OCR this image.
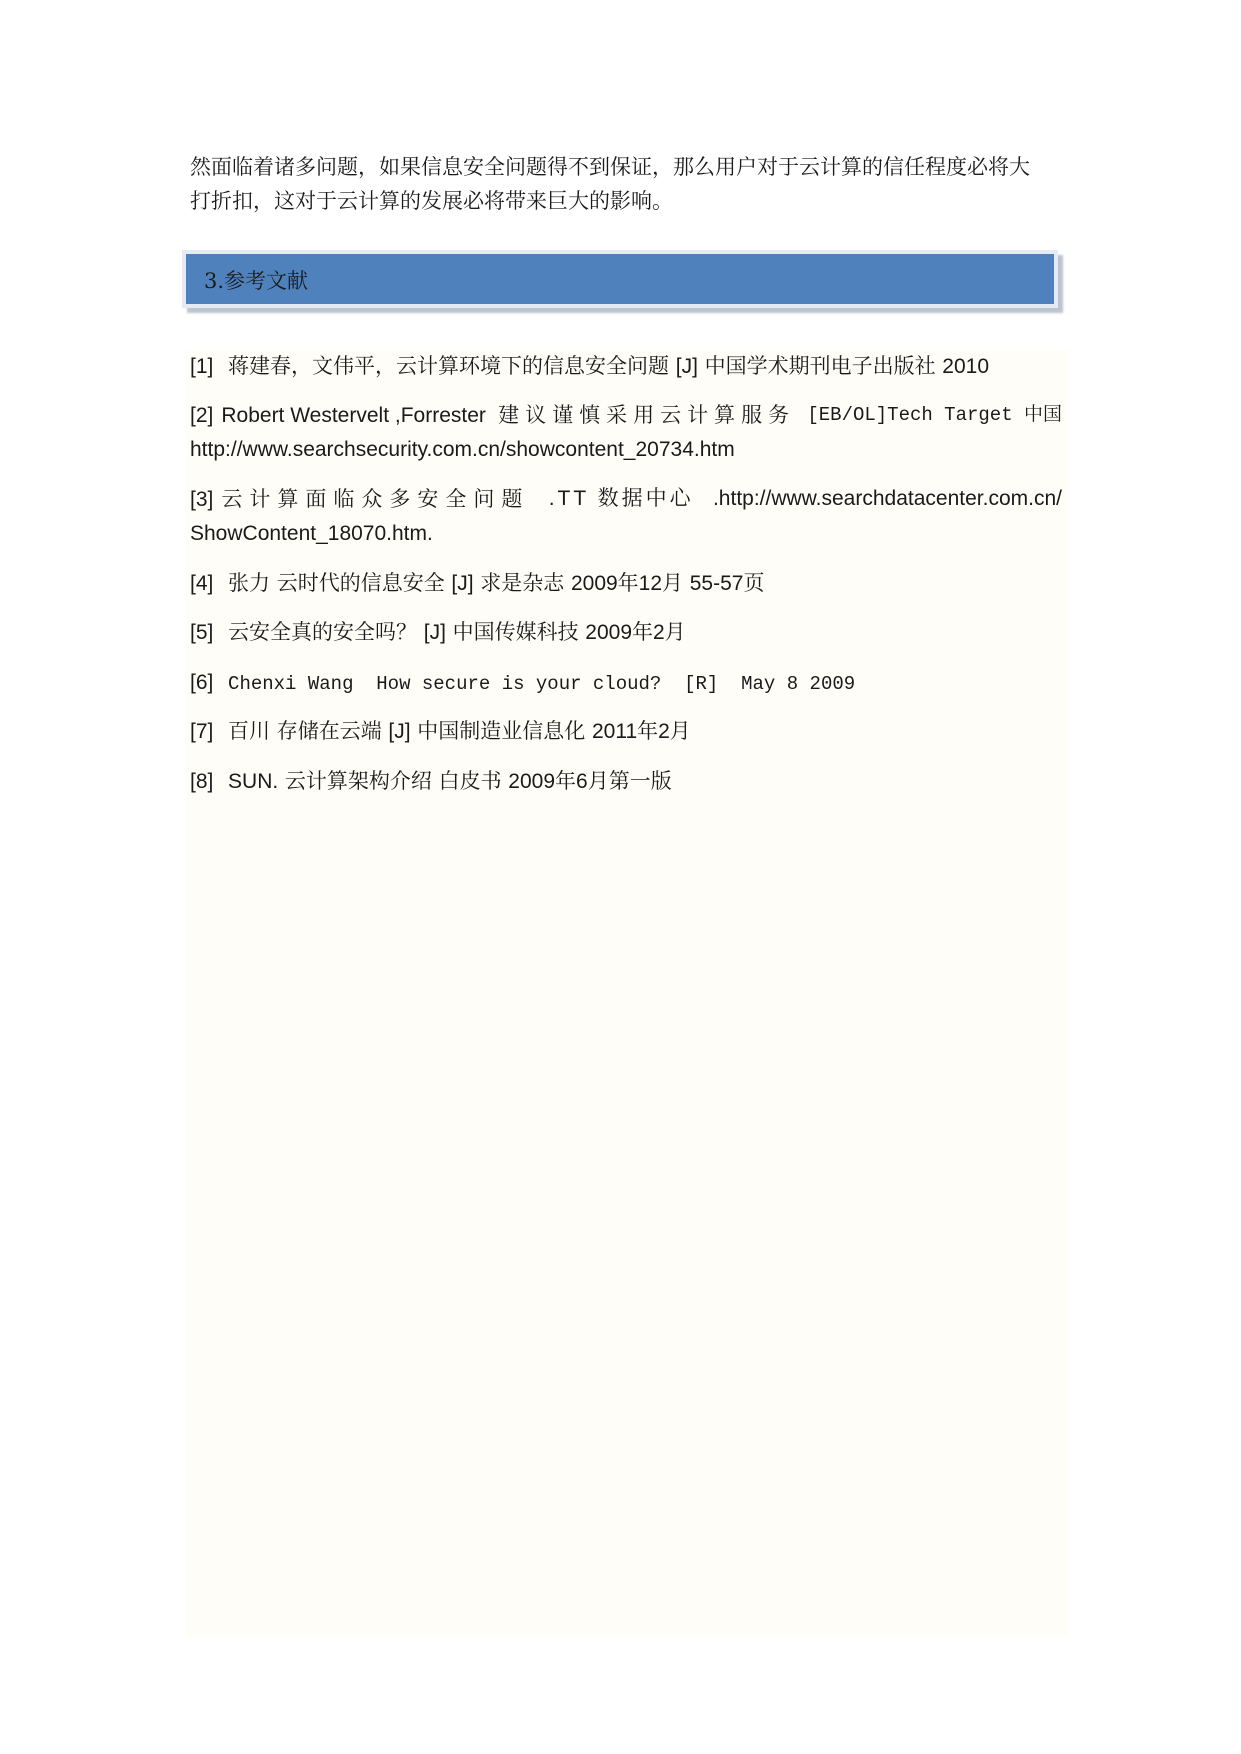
然面临着诸多问题，如果信息安全问题得不到保证，那么用户对于云计算的信任程度必将大

打折扣，这对于云计算的发展必将带来巨大的影响。

3.参考文献
[1] 蒋建春，文伟平，云计算环境下的信息安全问题 [J] 中国学术期刊电子出版社 2010
[2] Robert Westervelt ,Forrester 建议谨慎采用云计算服务 [EB/OL]Tech Target 中国
http://www.searchsecurity.com.cn/showcontent_20734.htm
[3] 云计算面临众多安全问题 .TT 数据中心 .http://www.searchdatacenter.com.cn/
ShowContent_18070.htm.
[4] 张力 云时代的信息安全 [J] 求是杂志 2009年12月 55-57页
[5] 云安全真的安全吗？ [J] 中国传媒科技 2009年2月
[6] Chenxi Wang  How secure is your cloud?  [R]  May 8 2009
[7] 百川 存储在云端 [J] 中国制造业信息化 2011年2月
[8] SUN. 云计算架构介绍 白皮书 2009年6月第一版
